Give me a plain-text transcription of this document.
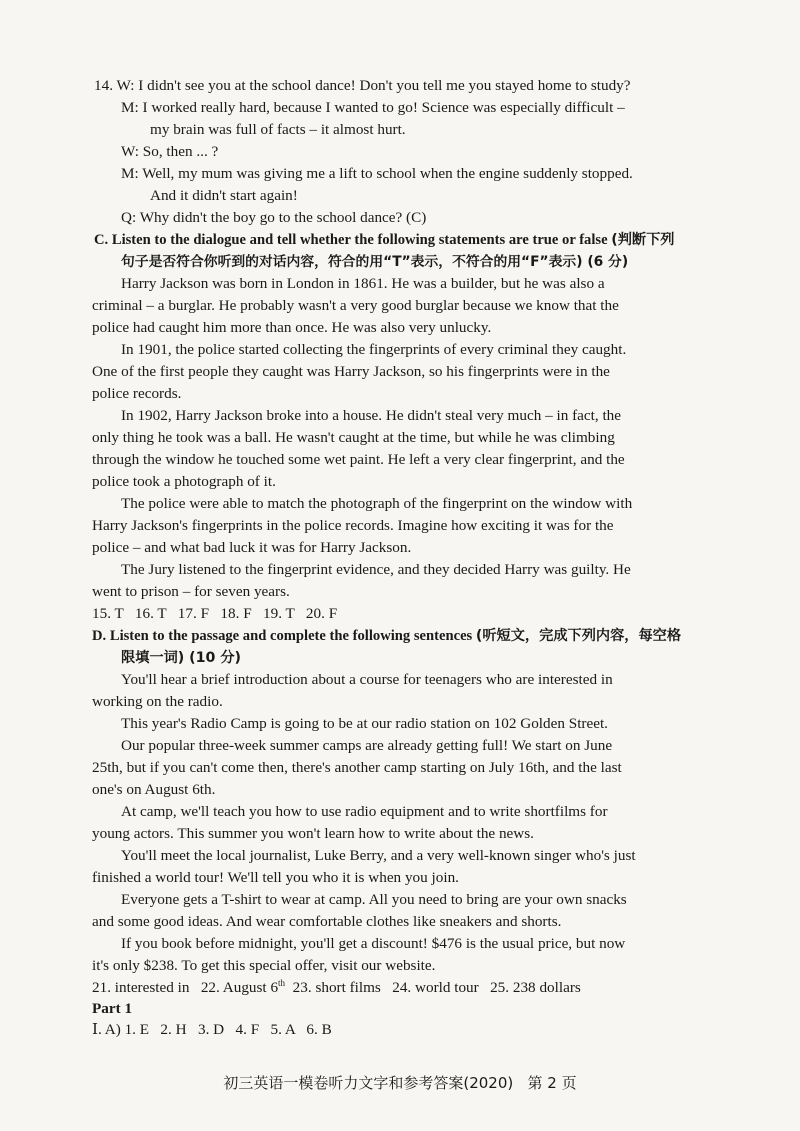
14. W: I didn't see you at the school dance! Don't you tell me you stayed home to study?
M: I worked really hard, because I wanted to go! Science was especially difficult –
my brain was full of facts – it almost hurt.
W: So, then ... ?
M: Well, my mum was giving me a lift to school when the engine suddenly stopped.
And it didn't start again!
Q: Why didn't the boy go to the school dance? (C)
C. Listen to the dialogue and tell whether the following statements are true or false (判断下列
句子是否符合你听到的对话内容，符合的用“T”表示，不符合的用“F”表示) (6 分)
Harry Jackson was born in London in 1861. He was a builder, but he was also a
criminal – a burglar. He probably wasn't a very good burglar because we know that the
police had caught him more than once. He was also very unlucky.
In 1901, the police started collecting the fingerprints of every criminal they caught.
One of the first people they caught was Harry Jackson, so his fingerprints were in the
police records.
In 1902, Harry Jackson broke into a house. He didn't steal very much – in fact, the
only thing he took was a ball. He wasn't caught at the time, but while he was climbing
through the window he touched some wet paint. He left a very clear fingerprint, and the
police took a photograph of it.
The police were able to match the photograph of the fingerprint on the window with
Harry Jackson's fingerprints in the police records. Imagine how exciting it was for the
police – and what bad luck it was for Harry Jackson.
The Jury listened to the fingerprint evidence, and they decided Harry was guilty. He
went to prison – for seven years.
15. T   16. T   17. F   18. F   19. T   20. F
D. Listen to the passage and complete the following sentences (听短文，完成下列内容，每空格
限填一词) (10 分)
You'll hear a brief introduction about a course for teenagers who are interested in
working on the radio.
This year's Radio Camp is going to be at our radio station on 102 Golden Street.
Our popular three-week summer camps are already getting full! We start on June
25th, but if you can't come then, there's another camp starting on July 16th, and the last
one's on August 6th.
At camp, we'll teach you how to use radio equipment and to write shortfilms for
young actors. This summer you won't learn how to write about the news.
You'll meet the local journalist, Luke Berry, and a very well-known singer who's just
finished a world tour! We'll tell you who it is when you join.
Everyone gets a T-shirt to wear at camp. All you need to bring are your own snacks
and some good ideas. And wear comfortable clothes like sneakers and shorts.
If you book before midnight, you'll get a discount! $476 is the usual price, but now
it's only $238. To get this special offer, visit our website.
21. interested in   22. August 6th  23. short films   24. world tour   25. 238 dollars
Part 1
Ⅰ. A) 1. E   2. H   3. D   4. F   5. A   6. B
初三英语一模卷听力文字和参考答案(2020)   第 2 页
